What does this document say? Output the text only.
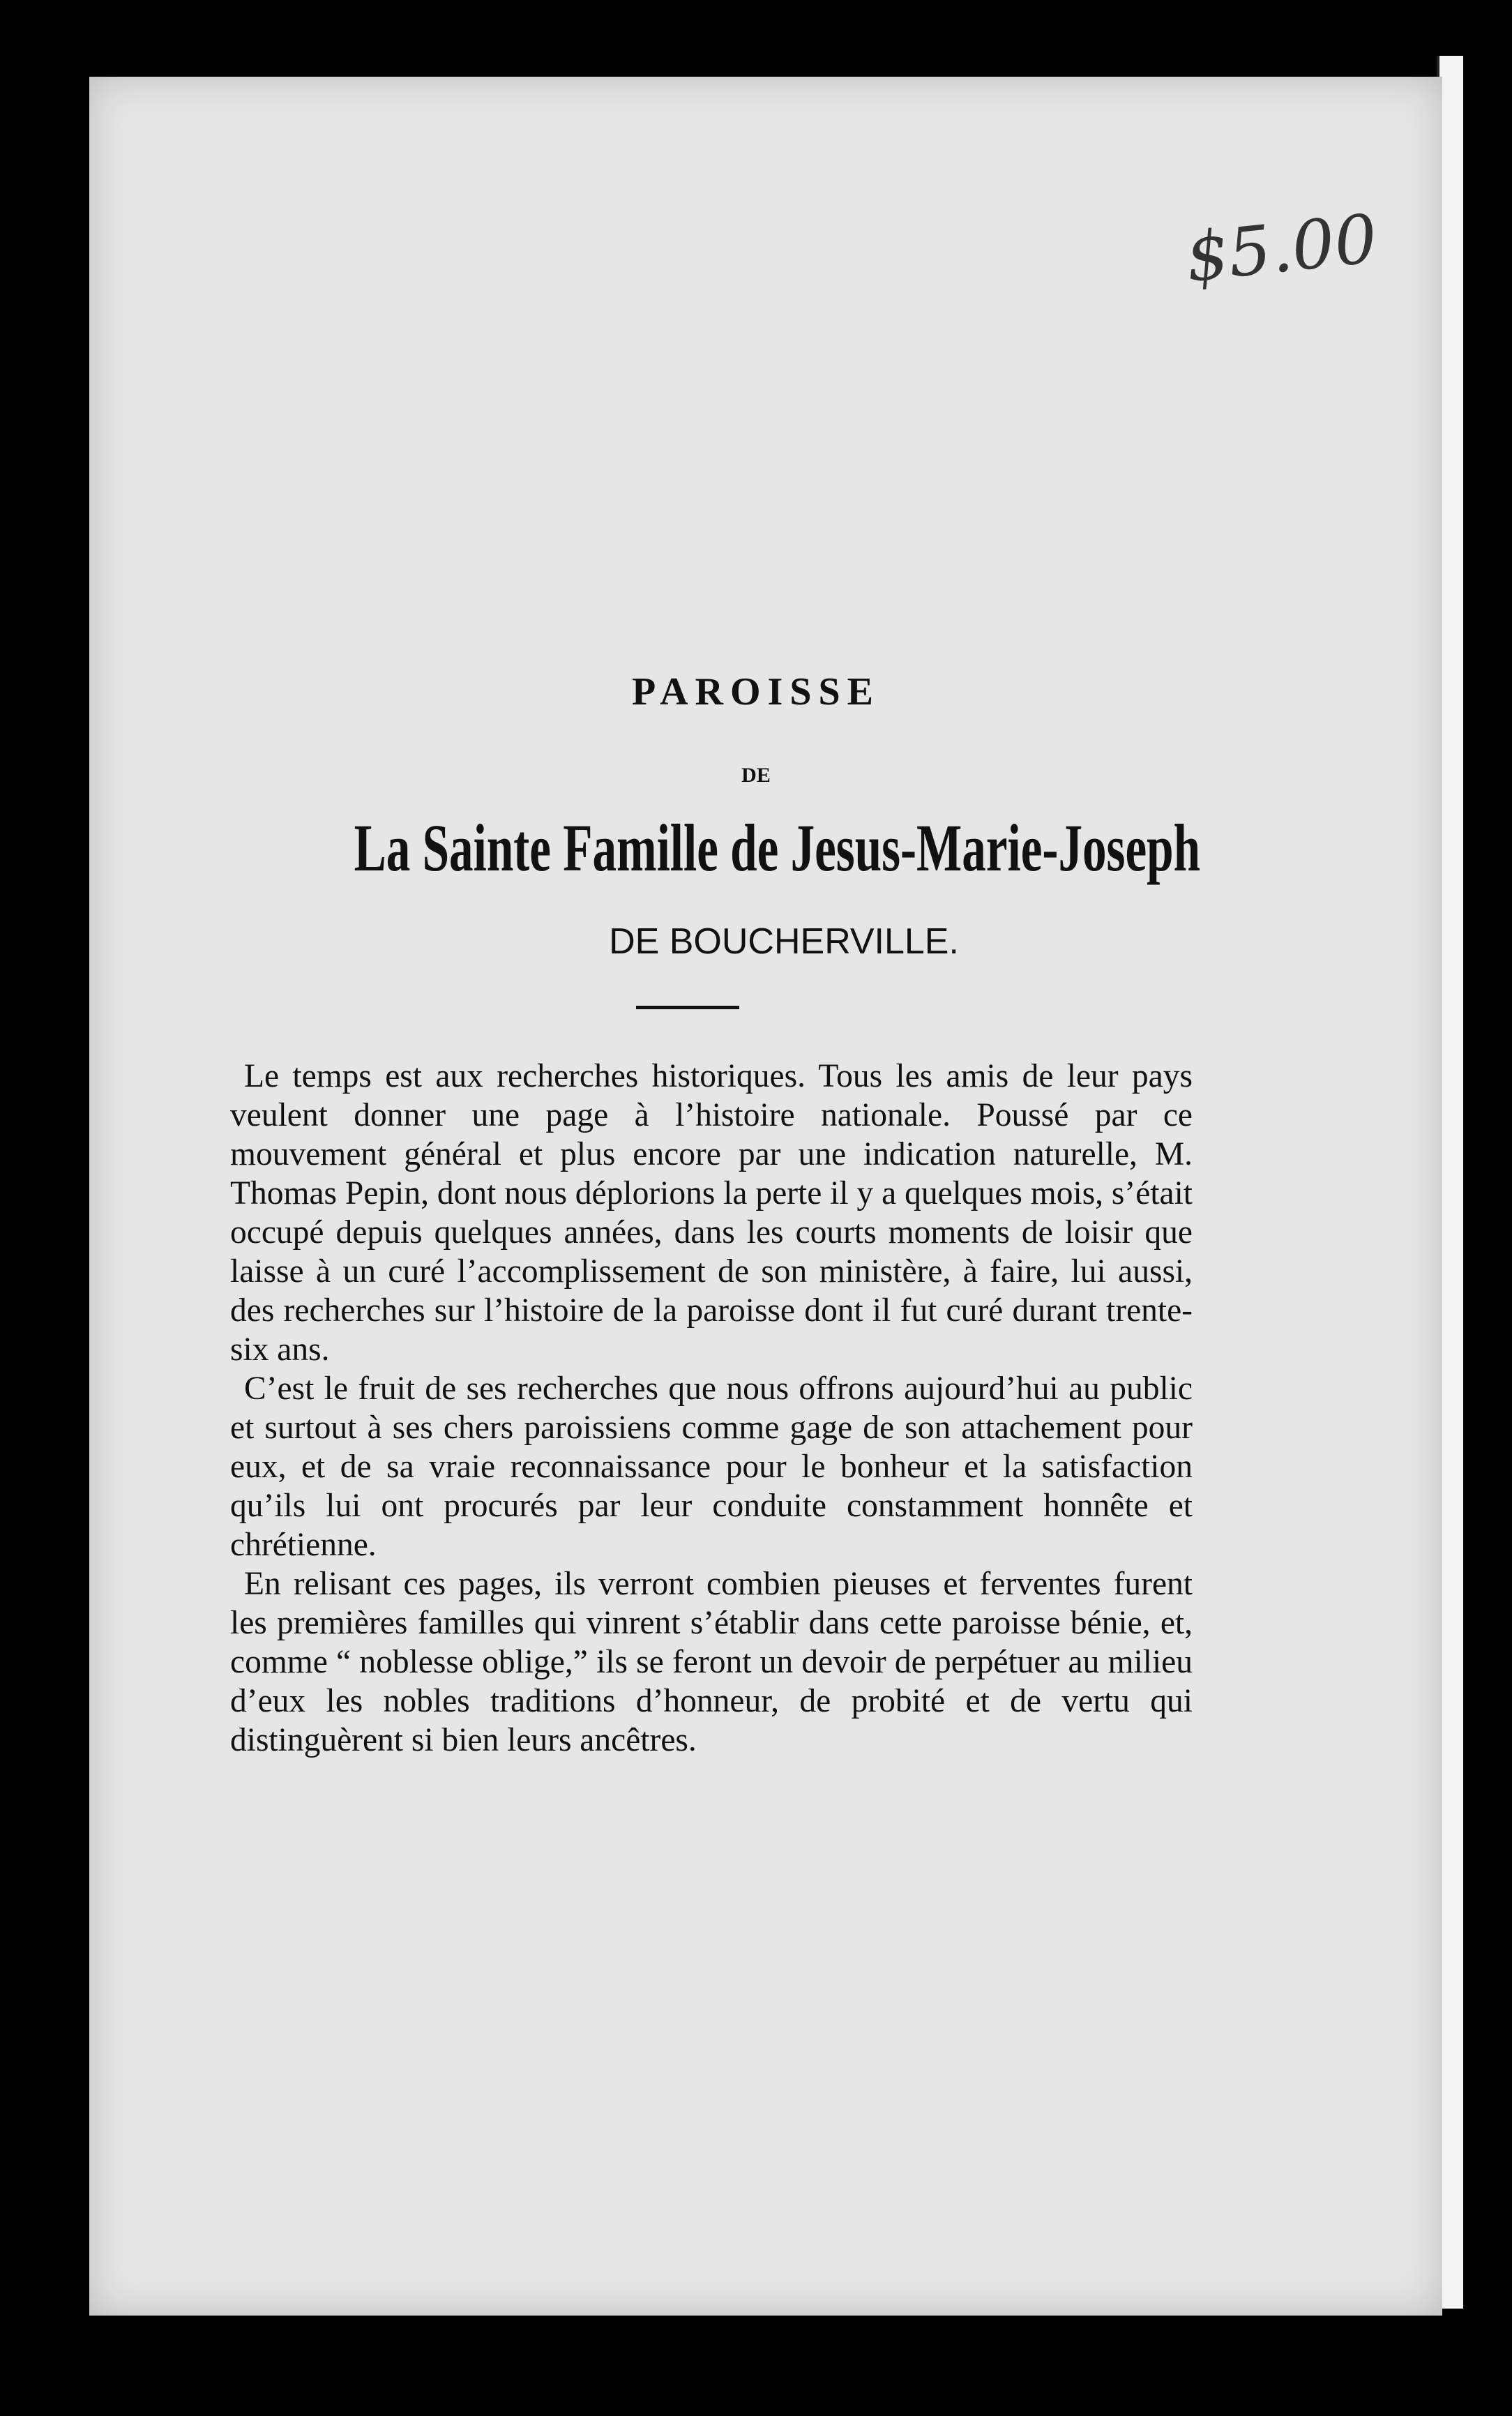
$5.00
PAROISSE
DE
La Sainte Famille de Jesus-Marie-Joseph
DE BOUCHERVILLE.

Le temps est aux recherches historiques. Tous les amis de leur pays veulent donner une page à l’histoire nationale. Poussé par ce mouvement général et plus encore par une indication naturelle, M. Thomas Pepin, dont nous déplorions la perte il y a quelques mois, s’était occupé depuis quelques années, dans les courts moments de loisir que laisse à un curé l’accomplissement de son ministère, à faire, lui aussi, des recherches sur l’histoire de la paroisse dont il fut curé durant trente-six ans.

C’est le fruit de ses recherches que nous offrons aujourd’hui au public et surtout à ses chers paroissiens comme gage de son attachement pour eux, et de sa vraie reconnaissance pour le bonheur et la satisfaction qu’ils lui ont procurés par leur conduite constamment honnête et chrétienne.

En relisant ces pages, ils verront combien pieuses et ferventes furent les premières familles qui vinrent s’établir dans cette paroisse bénie, et, comme “ noblesse oblige,” ils se feront un devoir de perpétuer au milieu d’eux les nobles traditions d’honneur, de probité et de vertu qui distinguèrent si bien leurs ancêtres.
